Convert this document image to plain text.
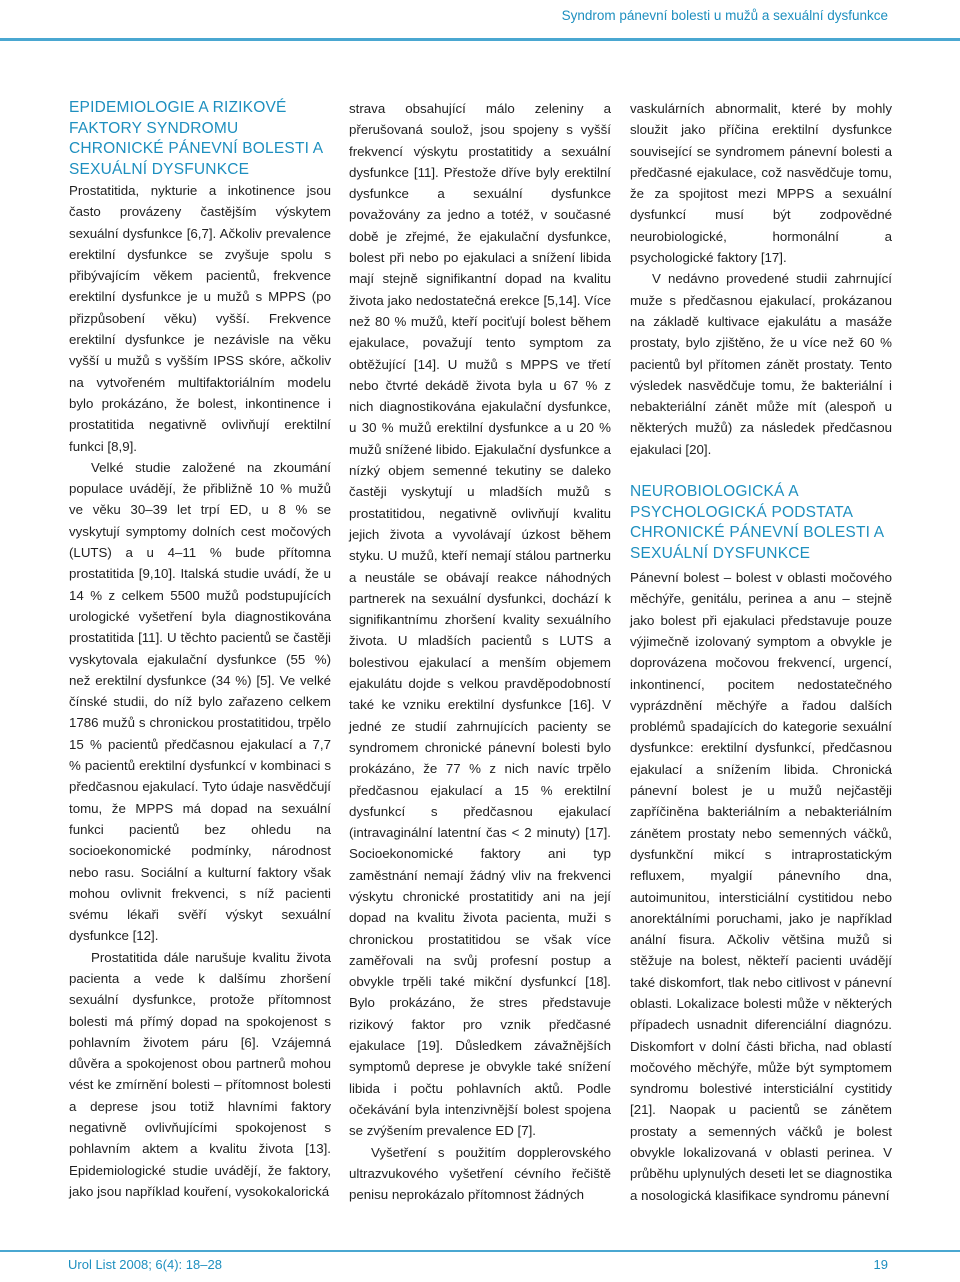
Syndrom pánevní bolesti u mužů a sexuální dysfunkce
EPIDEMIOLOGIE A RIZIKOVÉ FAKTORY SYNDROMU CHRONICKÉ PÁNEVNÍ BOLESTI A SEXUÁLNÍ DYSFUNKCE

Prostatitida, nykturie a inkotinence jsou často provázeny častějším výskytem sexuální dysfunkce [6,7]. Ačkoliv prevalence erektilní dysfunkce se zvyšuje spolu s přibývajícím věkem pacientů, frekvence erektilní dysfunkce je u mužů s MPPS (po přizpůsobení věku) vyšší. Frekvence erektilní dysfunkce je nezávisle na věku vyšší u mužů s vyšším IPSS skóre, ačkoliv na vytvořeném multifaktoriálním modelu bylo prokázáno, že bolest, inkontinence i prostatitida negativně ovlivňují erektilní funkci [8,9].

Velké studie založené na zkoumání populace uvádějí, že přibližně 10 % mužů ve věku 30–39 let trpí ED, u 8 % se vyskytují symptomy dolních cest močových (LUTS) a u 4–11 % bude přítomna prostatitida [9,10]. Italská studie uvádí, že u 14 % z celkem 5500 mužů podstupujících urologické vyšetření byla diagnostikována prostatitida [11]. U těchto pacientů se častěji vyskytovala ejakulační dysfunkce (55 %) než erektilní dysfunkce (34 %) [5]. Ve velké čínské studii, do níž bylo zařazeno celkem 1786 mužů s chronickou prostatitidou, trpělo 15 % pacientů předčasnou ejakulací a 7,7 % pacientů erektilní dysfunkcí v kombinaci s předčasnou ejakulací. Tyto údaje nasvědčují tomu, že MPPS má dopad na sexuální funkci pacientů bez ohledu na socioekonomické podmínky, národnost nebo rasu. Sociální a kulturní faktory však mohou ovlivnit frekvenci, s níž pacienti svému lékaři svěří výskyt sexuální dysfunkce [12].

Prostatitida dále narušuje kvalitu života pacienta a vede k dalšímu zhoršení sexuální dysfunkce, protože přítomnost bolesti má přímý dopad na spokojenost s pohlavním životem páru [6]. Vzájemná důvěra a spokojenost obou partnerů mohou vést ke zmírnění bolesti – přítomnost bolesti a deprese jsou totiž hlavními faktory negativně ovlivňujícími spokojenost s pohlavním aktem a kvalitu života [13]. Epidemiologické studie uvádějí, že faktory, jako jsou například kouření, vysokokalorická

strava obsahující málo zeleniny a přerušovaná soulož, jsou spojeny s vyšší frekvencí výskytu prostatitidy a sexuální dysfunkce [11]. Přestože dříve byly erektilní dysfunkce a sexuální dysfunkce považovány za jedno a totéž, v současné době je zřejmé, že ejakulační dysfunkce, bolest při nebo po ejakulaci a snížení libida mají stejně signifikantní dopad na kvalitu života jako nedostatečná erekce [5,14]. Více než 80 % mužů, kteří pociťují bolest během ejakulace, považují tento symptom za obtěžující [14]. U mužů s MPPS ve třetí nebo čtvrté dekádě života byla u 67 % z nich diagnostikována ejakulační dysfunkce, u 30 % mužů erektilní dysfunkce a u 20 % mužů snížené libido. Ejakulační dysfunkce a nízký objem semenné tekutiny se daleko častěji vyskytují u mladších mužů s prostatitidou, negativně ovlivňují kvalitu jejich života a vyvolávají úzkost během styku. U mužů, kteří nemají stálou partnerku a neustále se obávají reakce náhodných partnerek na sexuální dysfunkci, dochází k signifikantnímu zhoršení kvality sexuálního života. U mladších pacientů s LUTS a bolestivou ejakulací a menším objemem ejakulátu dojde s velkou pravděpodobností také ke vzniku erektilní dysfunkce [16]. V jedné ze studií zahrnujících pacienty se syndromem chronické pánevní bolesti bylo prokázáno, že 77 % z nich navíc trpělo předčasnou ejakulací a 15 % erektilní dysfunkcí s předčasnou ejakulací (intravaginální latentní čas < 2 minuty) [17]. Socioekonomické faktory ani typ zaměstnání nemají žádný vliv na frekvenci výskytu chronické prostatitidy ani na její dopad na kvalitu života pacienta, muži s chronickou prostatitidou se však více zaměřovali na svůj profesní postup a obvykle trpěli také mikční dysfunkcí [18]. Bylo prokázáno, že stres představuje rizikový faktor pro vznik předčasné ejakulace [19]. Důsledkem závažnějších symptomů deprese je obvykle také snížení libida i počtu pohlavních aktů. Podle očekávání byla intenzivnější bolest spojena se zvýšením prevalence ED [7].

Vyšetření s použitím dopplerovského ultrazvukového vyšetření cévního řečiště penisu neprokázalo přítomnost žádných

vaskulárních abnormalit, které by mohly sloužit jako příčina erektilní dysfunkce související se syndromem pánevní bolesti a předčasné ejakulace, což nasvědčuje tomu, že za spojitost mezi MPPS a sexuální dysfunkcí musí být zodpovědné neurobiologické, hormonální a psychologické faktory [17].

V nedávno provedené studii zahrnující muže s předčasnou ejakulací, prokázanou na základě kultivace ejakulátu a masáže prostaty, bylo zjištěno, že u více než 60 % pacientů byl přítomen zánět prostaty. Tento výsledek nasvědčuje tomu, že bakteriální i nebakteriální zánět může mít (alespoň u některých mužů) za následek předčasnou ejakulaci [20].

NEUROBIOLOGICKÁ A PSYCHOLOGICKÁ PODSTATA CHRONICKÉ PÁNEVNÍ BOLESTI A SEXUÁLNÍ DYSFUNKCE

Pánevní bolest – bolest v oblasti močového měchýře, genitálu, perinea a anu – stejně jako bolest při ejakulaci představuje pouze výjimečně izolovaný symptom a obvykle je doprovázena močovou frekvencí, urgencí, inkontinencí, pocitem nedostatečného vyprázdnění měchýře a řadou dalších problémů spadajících do kategorie sexuální dysfunkce: erektilní dysfunkcí, předčasnou ejakulací a snížením libida. Chronická pánevní bolest je u mužů nejčastěji zapříčiněna bakteriálním a nebakteriálním zánětem prostaty nebo semenných váčků, dysfunkční mikcí s intraprostatickým refluxem, myalgií pánevního dna, autoimunitou, intersticiální cystitidou nebo anorektálními poruchami, jako je například anální fisura. Ačkoliv většina mužů si stěžuje na bolest, někteří pacienti uvádějí také diskomfort, tlak nebo citlivost v pánevní oblasti. Lokalizace bolesti může v některých případech usnadnit diferenciální diagnózu. Diskomfort v dolní části břicha, nad oblastí močového měchýře, může být symptomem syndromu bolestivé intersticiální cystitidy [21]. Naopak u pacientů se zánětem prostaty a semenných váčků je bolest obvykle lokalizovaná v oblasti perinea. V průběhu uplynulých deseti let se diagnostika a nosologická klasifikace syndromu pánevní

Urol List 2008; 6(4): 18–28	19
